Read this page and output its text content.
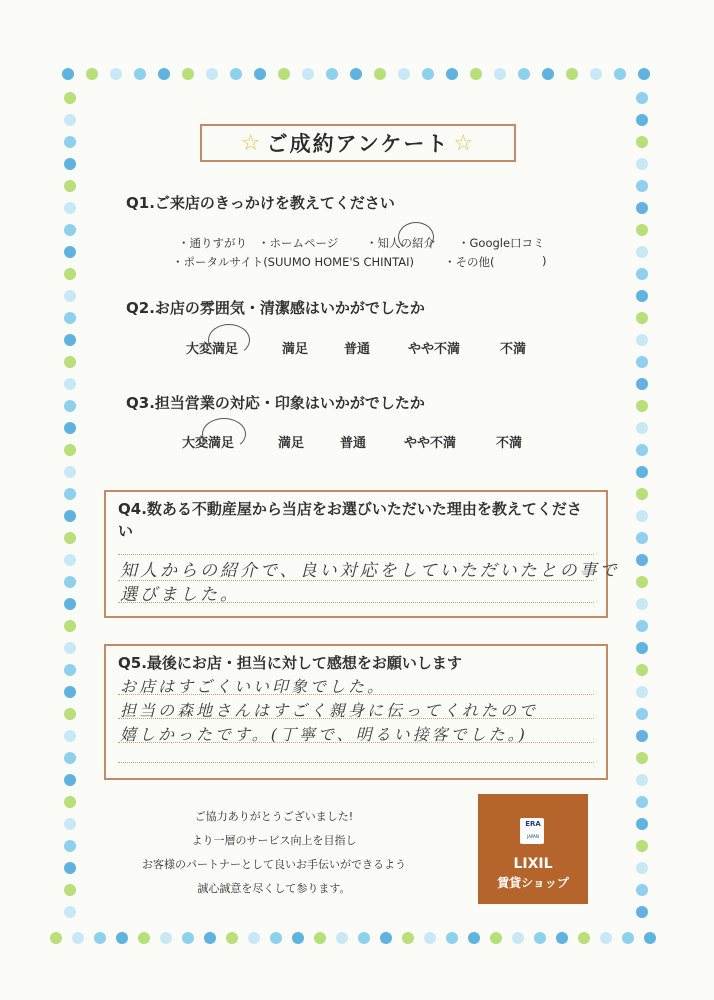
☆ ご成約アンケート ☆
Q1.ご来店のきっかけを教えてください
・通りすがり ・ホームページ ・知人の紹介 ・Google口コミ
・ポータルサイト(SUUMO HOME'S CHINTAI)	・その他(	)
Q2.お店の雰囲気・清潔感はいかがでしたか
大変満足	満足	普通	やや不満	不満
Q3.担当営業の対応・印象はいかがでしたか
大変満足	満足	普通	やや不満	不満
Q4.数ある不動産屋から当店をお選びいただいた理由を教えてください
知人からの紹介で、良い対応をしていただいたとの事で
選びました。
Q5.最後にお店・担当に対して感想をお願いします
お店はすごくいい印象でした。
担当の森地さんはすごく親身に伝ってくれたので
嬉しかったです。(丁寧で、明るい接客でした。)
ご協力ありがとうございました!
より一層のサービス向上を目指し
お客様のパートナーとして良いお手伝いができるよう
誠心誠意を尽くして参ります。
ERA
JAPAN
LIXIL
賃貸ショップ
